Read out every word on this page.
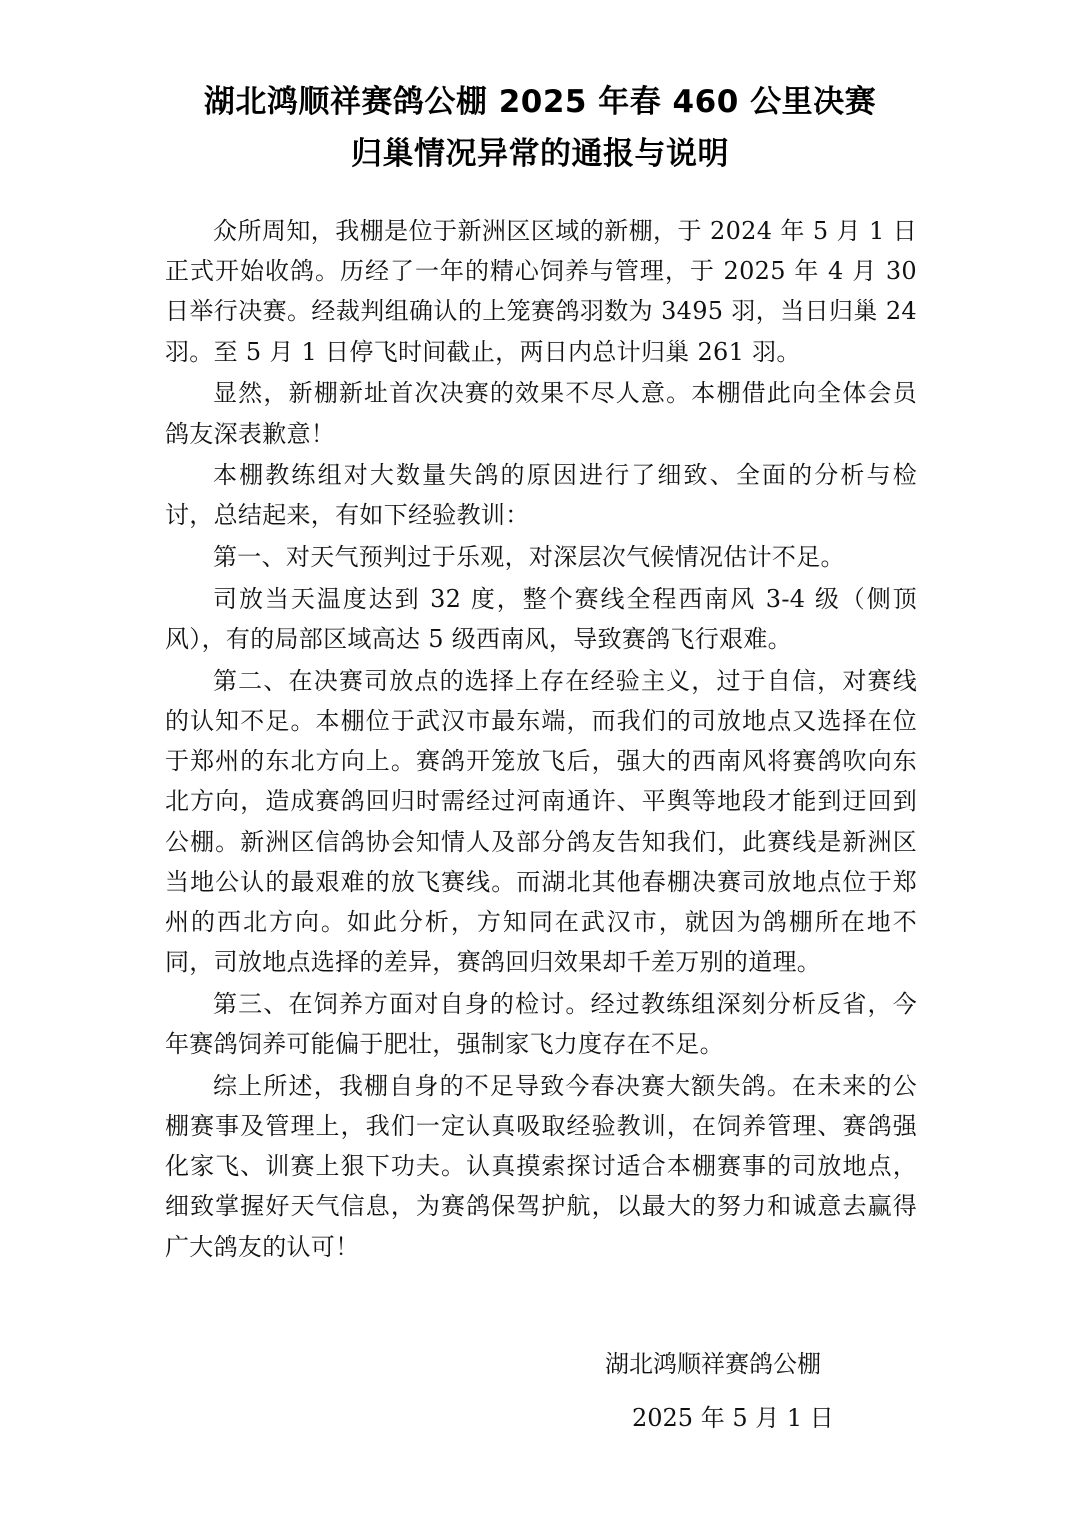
湖北鸿顺祥赛鸽公棚 2025 年春 460 公里决赛
归巢情况异常的通报与说明

众所周知，我棚是位于新洲区区域的新棚，于 2024 年 5 月 1 日正式开始收鸽。历经了一年的精心饲养与管理，于 2025 年 4 月 30 日举行决赛。经裁判组确认的上笼赛鸽羽数为 3495 羽，当日归巢 24 羽。至 5 月 1 日停飞时间截止，两日内总计归巢 261 羽。

显然，新棚新址首次决赛的效果不尽人意。本棚借此向全体会员鸽友深表歉意！

本棚教练组对大数量失鸽的原因进行了细致、全面的分析与检讨，总结起来，有如下经验教训：

第一、对天气预判过于乐观，对深层次气候情况估计不足。

司放当天温度达到 32 度，整个赛线全程西南风 3-4 级（侧顶风），有的局部区域高达 5 级西南风，导致赛鸽飞行艰难。

第二、在决赛司放点的选择上存在经验主义，过于自信，对赛线的认知不足。本棚位于武汉市最东端，而我们的司放地点又选择在位于郑州的东北方向上。赛鸽开笼放飞后，强大的西南风将赛鸽吹向东北方向，造成赛鸽回归时需经过河南通许、平舆等地段才能到迂回到公棚。新洲区信鸽协会知情人及部分鸽友告知我们，此赛线是新洲区当地公认的最艰难的放飞赛线。而湖北其他春棚决赛司放地点位于郑州的西北方向。如此分析，方知同在武汉市，就因为鸽棚所在地不同，司放地点选择的差异，赛鸽回归效果却千差万别的道理。

第三、在饲养方面对自身的检讨。经过教练组深刻分析反省，今年赛鸽饲养可能偏于肥壮，强制家飞力度存在不足。

综上所述，我棚自身的不足导致今春决赛大额失鸽。在未来的公棚赛事及管理上，我们一定认真吸取经验教训，在饲养管理、赛鸽强化家飞、训赛上狠下功夫。认真摸索探讨适合本棚赛事的司放地点，细致掌握好天气信息，为赛鸽保驾护航，以最大的努力和诚意去赢得广大鸽友的认可！

湖北鸿顺祥赛鸽公棚
2025 年 5 月 1 日
